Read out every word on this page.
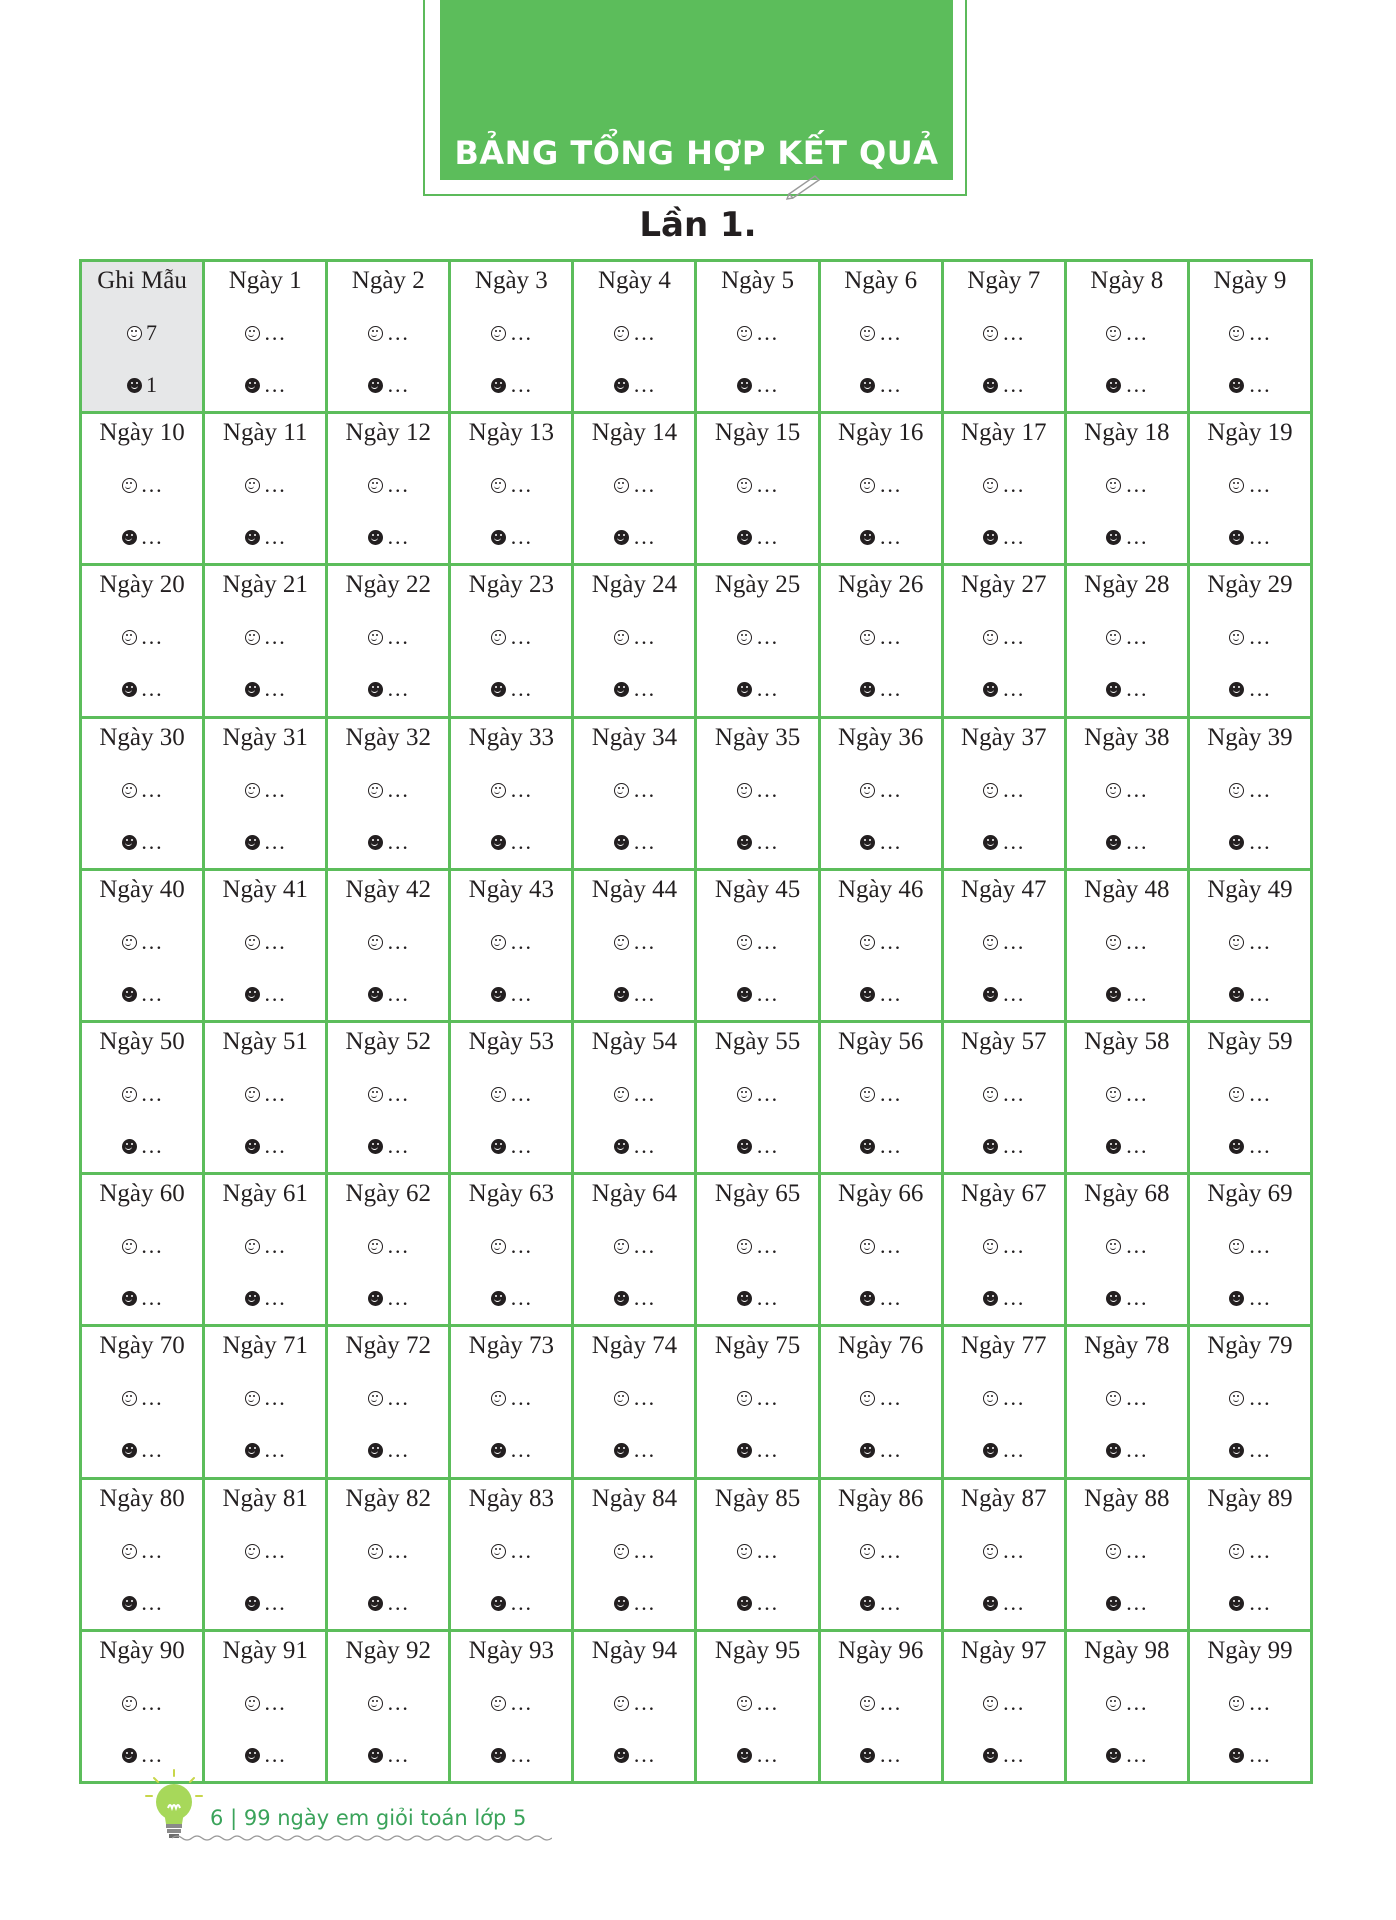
BẢNG TỔNG HỢP KẾT QUẢ
Lần 1.
Ghi Mẫu
7
1
Ngày 1
…
…
Ngày 2
…
…
Ngày 3
…
…
Ngày 4
…
…
Ngày 5
…
…
Ngày 6
…
…
Ngày 7
…
…
Ngày 8
…
…
Ngày 9
…
…
Ngày 10
…
…
Ngày 11
…
…
Ngày 12
…
…
Ngày 13
…
…
Ngày 14
…
…
Ngày 15
…
…
Ngày 16
…
…
Ngày 17
…
…
Ngày 18
…
…
Ngày 19
…
…
Ngày 20
…
…
Ngày 21
…
…
Ngày 22
…
…
Ngày 23
…
…
Ngày 24
…
…
Ngày 25
…
…
Ngày 26
…
…
Ngày 27
…
…
Ngày 28
…
…
Ngày 29
…
…
Ngày 30
…
…
Ngày 31
…
…
Ngày 32
…
…
Ngày 33
…
…
Ngày 34
…
…
Ngày 35
…
…
Ngày 36
…
…
Ngày 37
…
…
Ngày 38
…
…
Ngày 39
…
…
Ngày 40
…
…
Ngày 41
…
…
Ngày 42
…
…
Ngày 43
…
…
Ngày 44
…
…
Ngày 45
…
…
Ngày 46
…
…
Ngày 47
…
…
Ngày 48
…
…
Ngày 49
…
…
Ngày 50
…
…
Ngày 51
…
…
Ngày 52
…
…
Ngày 53
…
…
Ngày 54
…
…
Ngày 55
…
…
Ngày 56
…
…
Ngày 57
…
…
Ngày 58
…
…
Ngày 59
…
…
Ngày 60
…
…
Ngày 61
…
…
Ngày 62
…
…
Ngày 63
…
…
Ngày 64
…
…
Ngày 65
…
…
Ngày 66
…
…
Ngày 67
…
…
Ngày 68
…
…
Ngày 69
…
…
Ngày 70
…
…
Ngày 71
…
…
Ngày 72
…
…
Ngày 73
…
…
Ngày 74
…
…
Ngày 75
…
…
Ngày 76
…
…
Ngày 77
…
…
Ngày 78
…
…
Ngày 79
…
…
Ngày 80
…
…
Ngày 81
…
…
Ngày 82
…
…
Ngày 83
…
…
Ngày 84
…
…
Ngày 85
…
…
Ngày 86
…
…
Ngày 87
…
…
Ngày 88
…
…
Ngày 89
…
…
Ngày 90
…
…
Ngày 91
…
…
Ngày 92
…
…
Ngày 93
…
…
Ngày 94
…
…
Ngày 95
…
…
Ngày 96
…
…
Ngày 97
…
…
Ngày 98
…
…
Ngày 99
…
…
6 | 99 ngày em giỏi toán lớp 5
